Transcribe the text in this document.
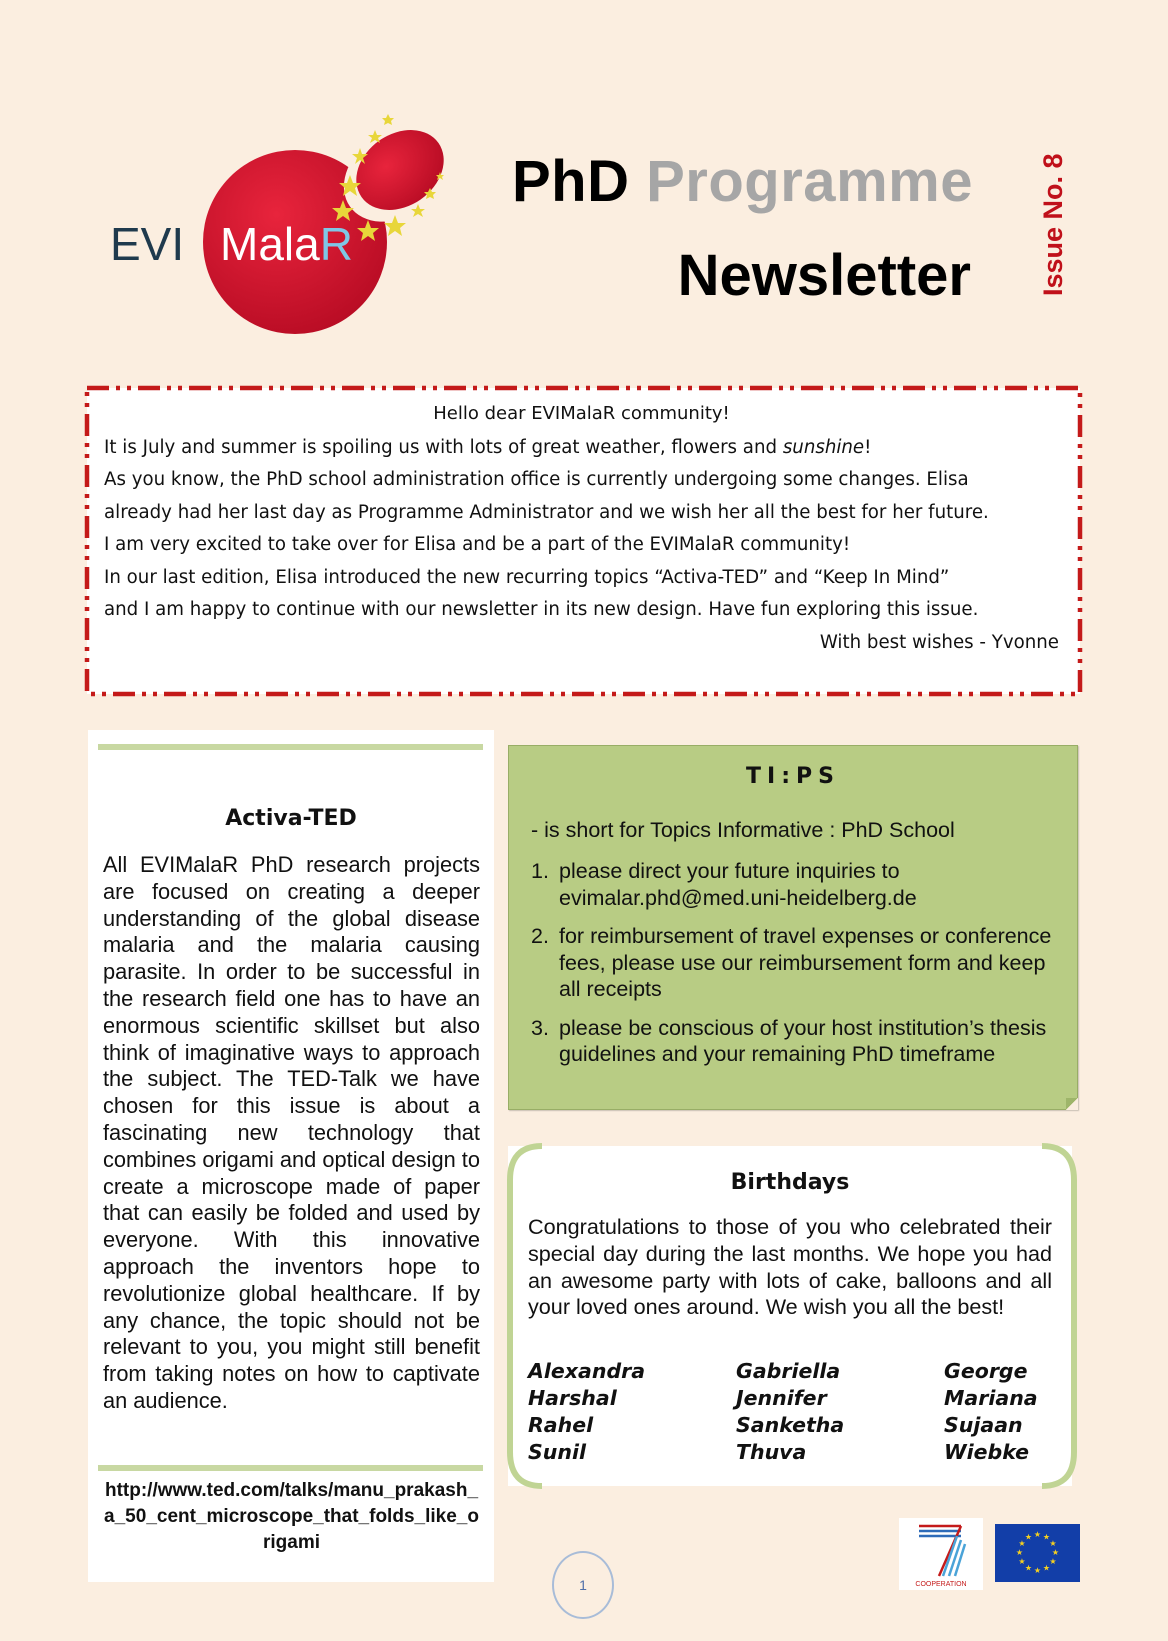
EVI MalaR
PhD Programme
Newsletter Issue No. 8
Hello dear EVIMalaR community!
It is July and summer is spoiling us with lots of great weather, flowers and sunshine!
As you know, the PhD school administration office is currently undergoing some changes. Elisa
already had her last day as Programme Administrator and we wish her all the best for her future.
I am very excited to take over for Elisa and be a part of the EVIMalaR community!
In our last edition, Elisa introduced the new recurring topics “Activa-TED” and “Keep In Mind”
and I am happy to continue with our newsletter in its new design. Have fun exploring this issue.
With best wishes - Yvonne
Activa-TED
All EVIMalaR PhD research projects are focused on creating a deeper understanding of the global disease malaria and the malaria causing parasite. In order to be successful in the research field one has to have an enormous scientific skillset but also think of imaginative ways to approach the subject. The TED-Talk we have chosen for this issue is about a fascinating new technology that combines origami and optical design to create a microscope made of paper that can easily be folded and used by everyone. With this innovative approach the inventors hope to revolutionize global healthcare. If by any chance, the topic should not be relevant to you, you might still benefit from taking notes on how to captivate an audience.
http://www.ted.com/talks/manu_prakash_a_50_cent_microscope_that_folds_like_origami
TI:PS
- is short for Topics Informative : PhD School
1. please direct your future inquiries to
evimalar.phd@med.uni-heidelberg.de
2. for reimbursement of travel expenses or conference fees, please use our reimbursement form and keep all receipts
3. please be conscious of your host institution’s thesis guidelines and your remaining PhD timeframe
Birthdays
Congratulations to those of you who celebrated their special day during the last months. We hope you had an awesome party with lots of cake, balloons and all your loved ones around. We wish you all the best!
Alexandra	Gabriella	George
Harshal	Jennifer	Mariana
Rahel	Sanketha	Sujaan
Sunil	Thuva	Wiebke
1	COOPERATION
★ ★
★
★
★
★
★
★
★
★
★
★
